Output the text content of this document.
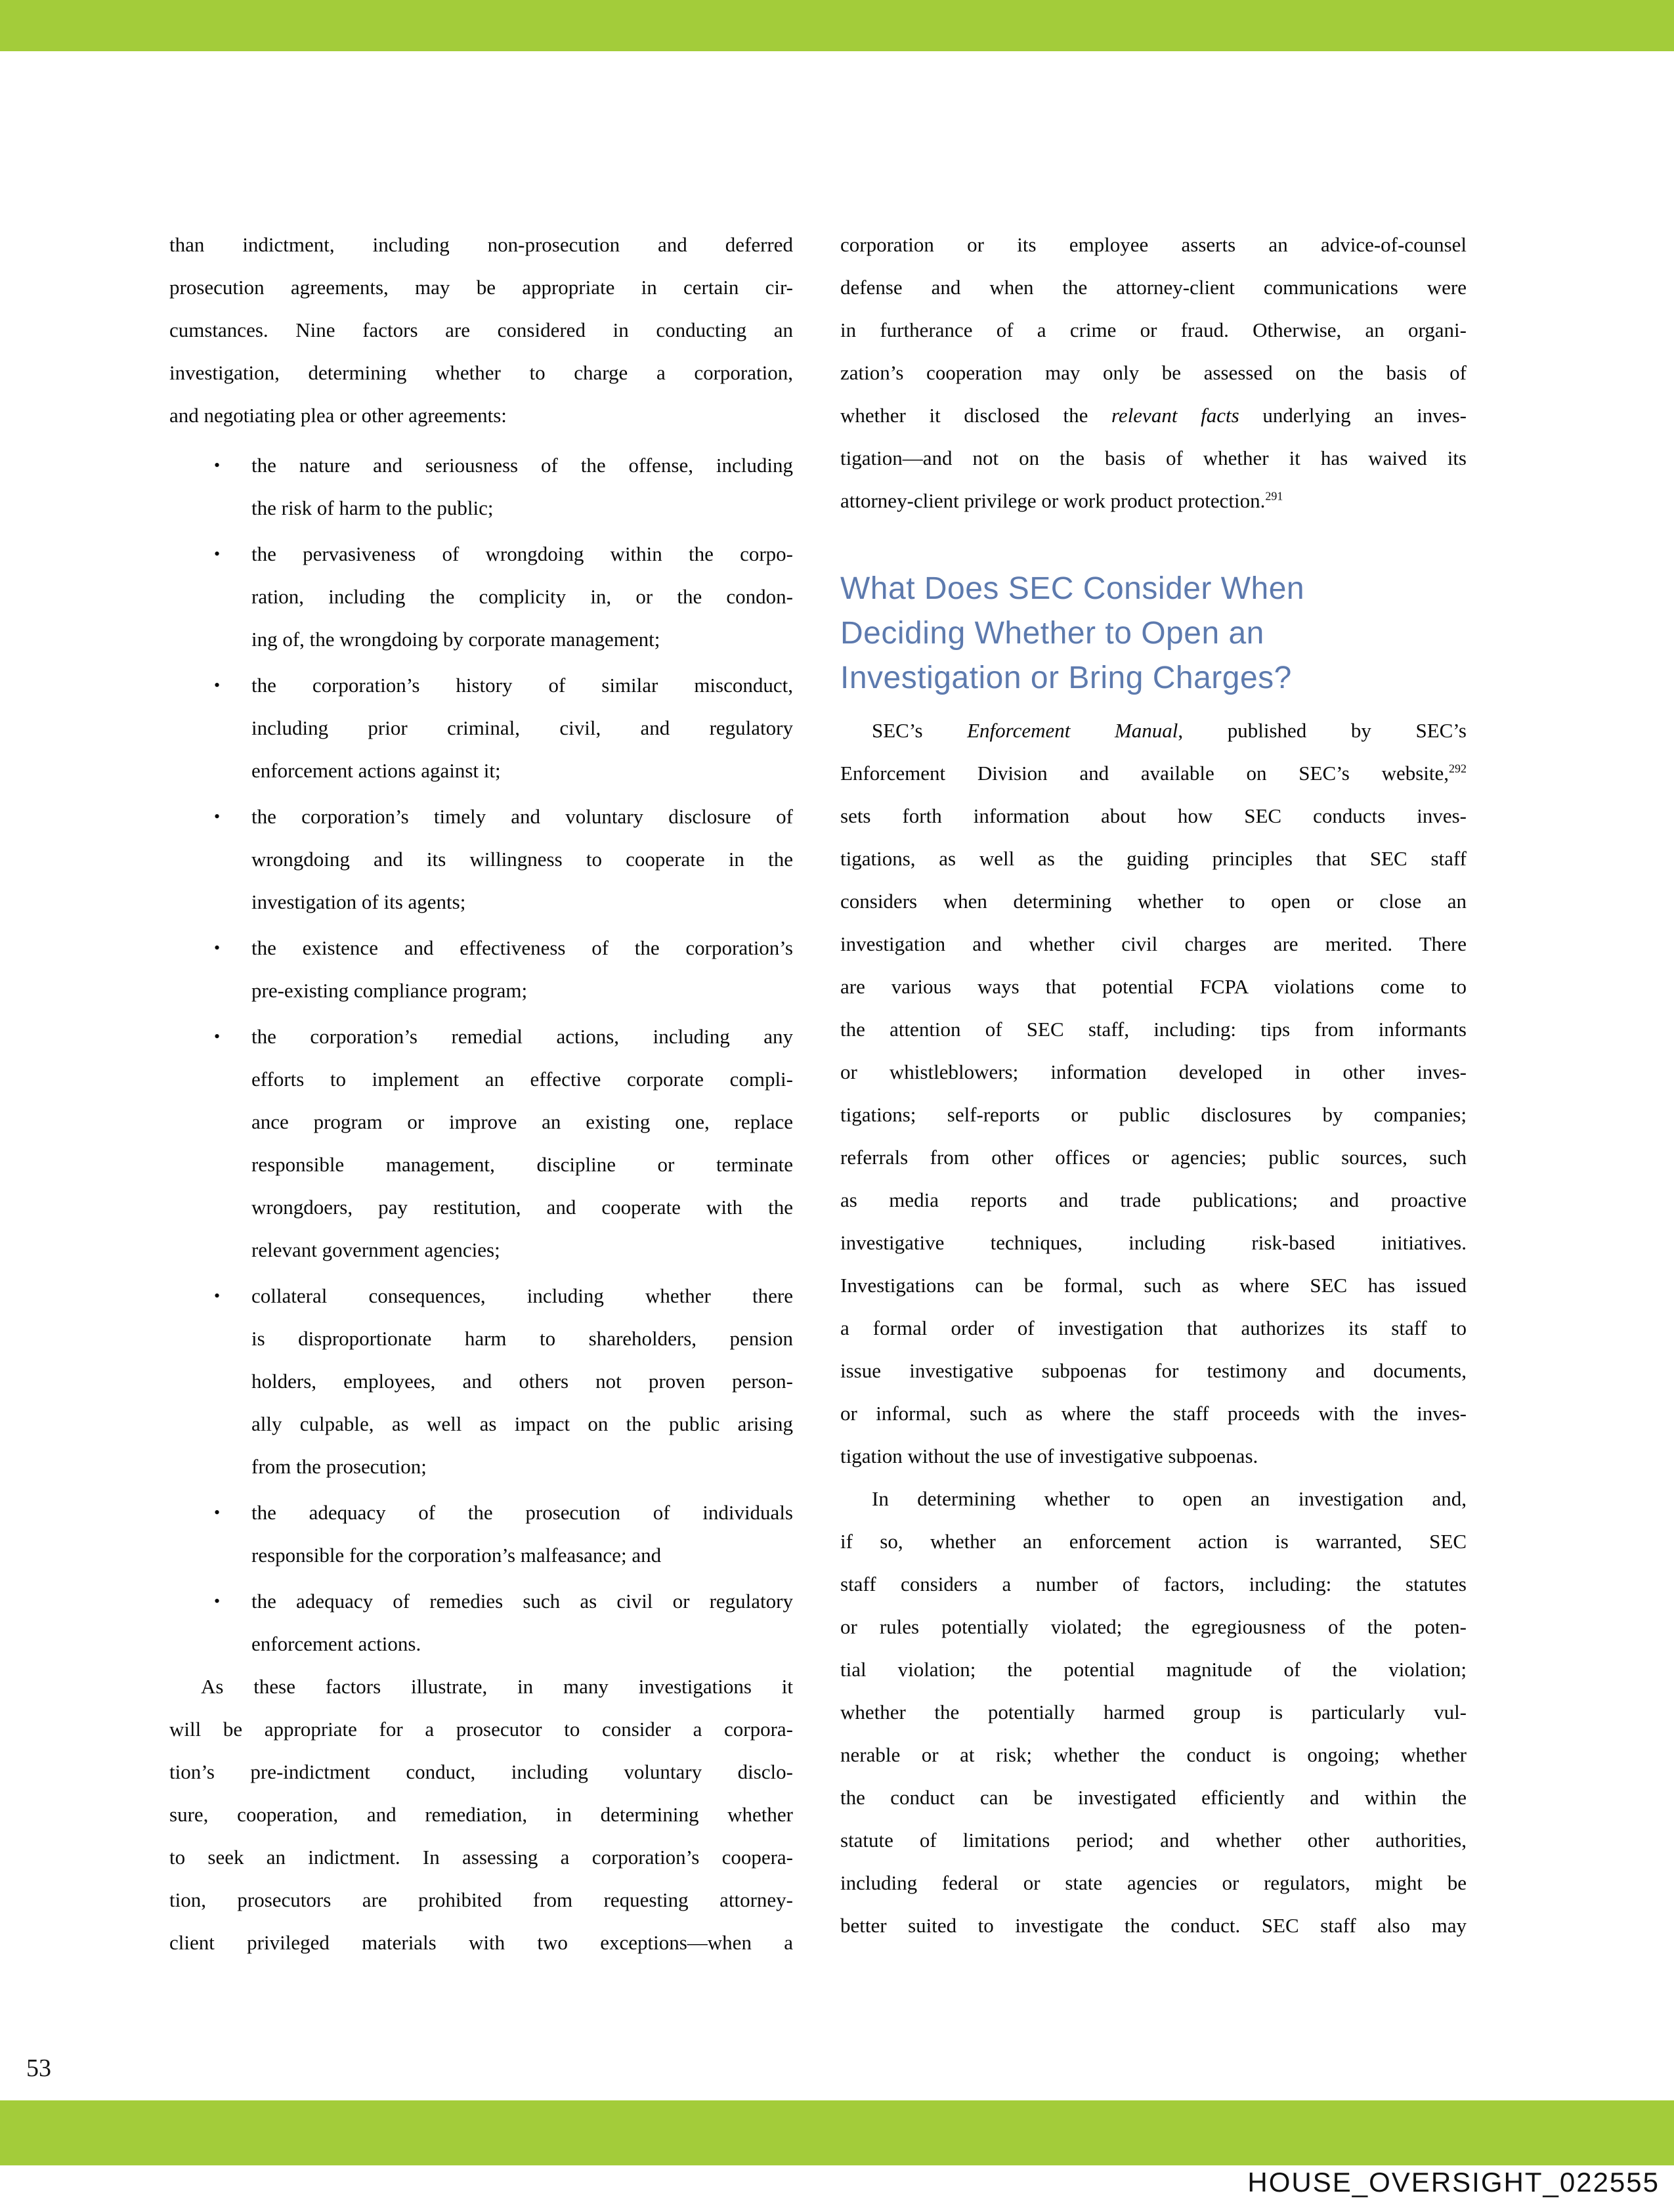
than indictment, including non-prosecution and deferred
prosecution agreements, may be appropriate in certain cir-
cumstances. Nine factors are considered in conducting an
investigation, determining whether to charge a corporation,
and negotiating plea or other agreements:
• the nature and seriousness of the offense, including
the risk of harm to the public;
• the pervasiveness of wrongdoing within the corpo-
ration, including the complicity in, or the condon-
ing of, the wrongdoing by corporate management;
• the corporation’s history of similar misconduct,
including prior criminal, civil, and regulatory
enforcement actions against it;
• the corporation’s timely and voluntary disclosure of
wrongdoing and its willingness to cooperate in the
investigation of its agents;
• the existence and effectiveness of the corporation’s
pre-existing compliance program;
• the corporation’s remedial actions, including any
efforts to implement an effective corporate compli-
ance program or improve an existing one, replace
responsible management, discipline or terminate
wrongdoers, pay restitution, and cooperate with the
relevant government agencies;
• collateral consequences, including whether there
is disproportionate harm to shareholders, pension
holders, employees, and others not proven person-
ally culpable, as well as impact on the public arising
from the prosecution;
• the adequacy of the prosecution of individuals
responsible for the corporation’s malfeasance; and
• the adequacy of remedies such as civil or regulatory
enforcement actions.
As these factors illustrate, in many investigations it
will be appropriate for a prosecutor to consider a corpora-
tion’s pre-indictment conduct, including voluntary disclo-
sure, cooperation, and remediation, in determining whether
to seek an indictment. In assessing a corporation’s coopera-
tion, prosecutors are prohibited from requesting attorney-
client privileged materials with two exceptions—when a
corporation or its employee asserts an advice-of-counsel
defense and when the attorney-client communications were
in furtherance of a crime or fraud. Otherwise, an organi-
zation’s cooperation may only be assessed on the basis of
whether it disclosed the relevant facts underlying an inves-
tigation—and not on the basis of whether it has waived its
attorney-client privilege or work product protection.$^{291}$
What Does SEC Consider When
Deciding Whether to Open an
Investigation or Bring Charges?
SEC’s Enforcement Manual, published by SEC’s
Enforcement Division and available on SEC’s website,$^{292}$
sets forth information about how SEC conducts inves-
tigations, as well as the guiding principles that SEC staff
considers when determining whether to open or close an
investigation and whether civil charges are merited. There
are various ways that potential FCPA violations come to
the attention of SEC staff, including: tips from informants
or whistleblowers; information developed in other inves-
tigations; self-reports or public disclosures by companies;
referrals from other offices or agencies; public sources, such
as media reports and trade publications; and proactive
investigative techniques, including risk-based initiatives.
Investigations can be formal, such as where SEC has issued
a formal order of investigation that authorizes its staff to
issue investigative subpoenas for testimony and documents,
or informal, such as where the staff proceeds with the inves-
tigation without the use of investigative subpoenas.
In determining whether to open an investigation and,
if so, whether an enforcement action is warranted, SEC
staff considers a number of factors, including: the statutes
or rules potentially violated; the egregiousness of the poten-
tial violation; the potential magnitude of the violation;
whether the potentially harmed group is particularly vul-
nerable or at risk; whether the conduct is ongoing; whether
the conduct can be investigated efficiently and within the
statute of limitations period; and whether other authorities,
including federal or state agencies or regulators, might be
better suited to investigate the conduct. SEC staff also may
53
HOUSE_OVERSIGHT_022555
